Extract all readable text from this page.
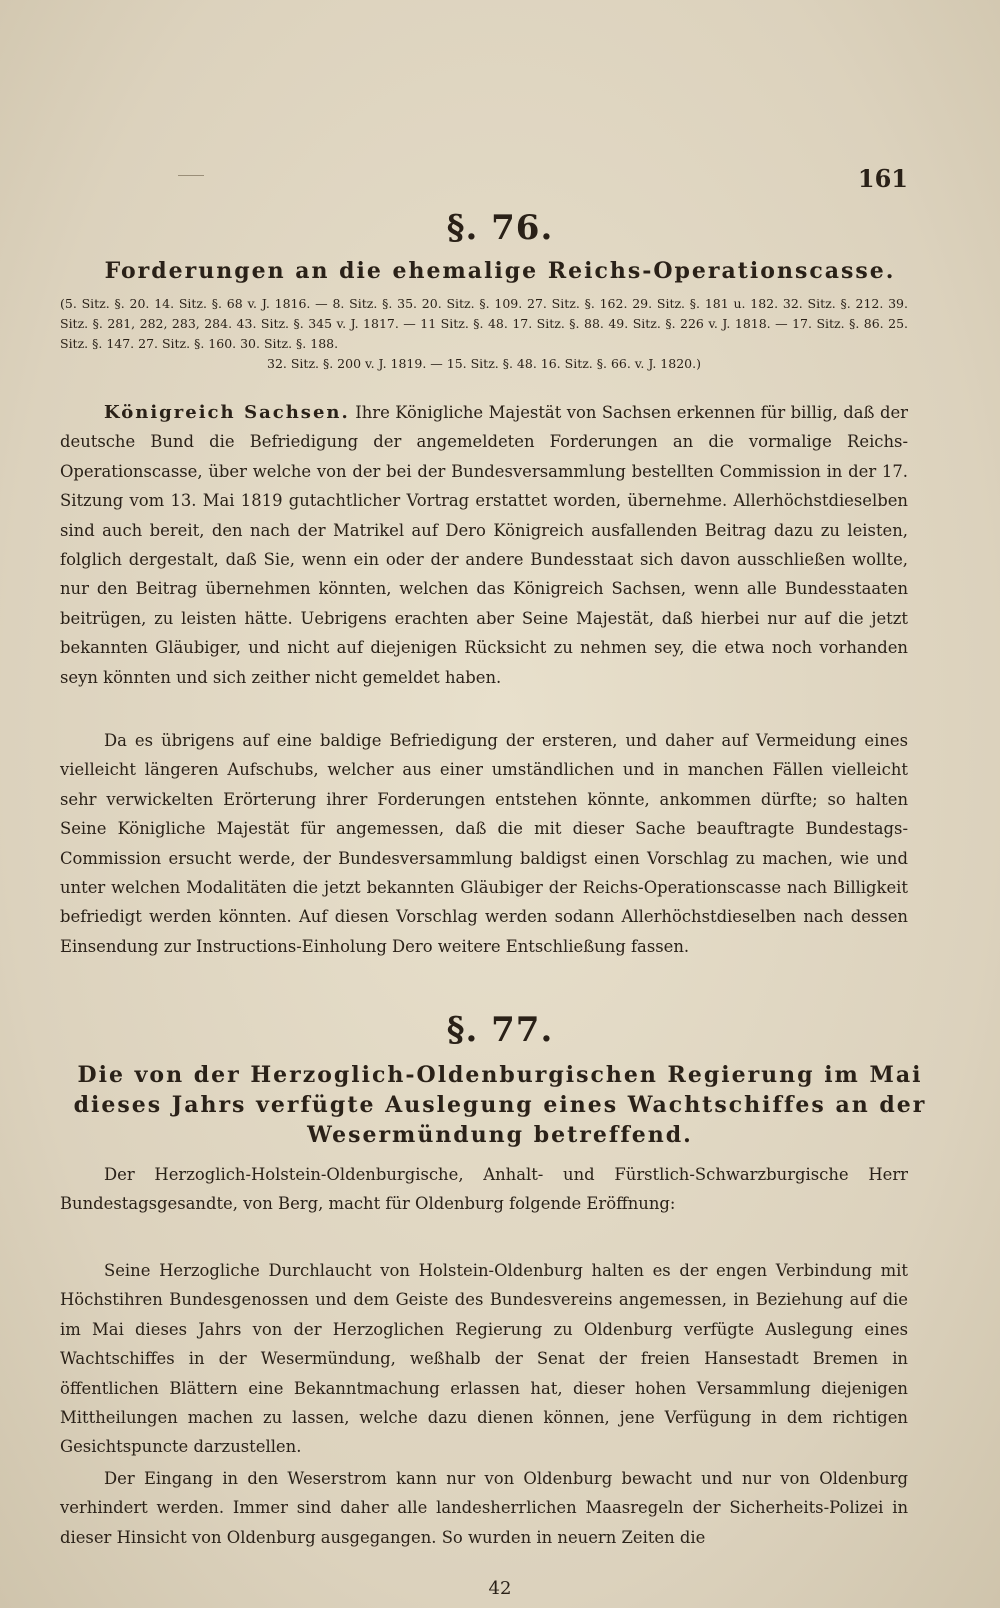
161
§. 76.
Forderungen an die ehemalige Reichs-Operationscasse.
(5. Sitz. §. 20. 14. Sitz. §. 68 v. J. 1816. — 8. Sitz. §. 35. 20. Sitz. §. 109. 27. Sitz. §. 162. 29. Sitz. §. 181 u. 182. 32. Sitz. §. 212. 39. Sitz. §. 281, 282, 283, 284. 43. Sitz. §. 345 v. J. 1817. — 11 Sitz. §. 48. 17. Sitz. §. 88. 49. Sitz. §. 226 v. J. 1818. — 17. Sitz. §. 86. 25. Sitz. §. 147. 27. Sitz. §. 160. 30. Sitz. §. 188.
32. Sitz. §. 200 v. J. 1819. — 15. Sitz. §. 48. 16. Sitz. §. 66. v. J. 1820.)
Königreich Sachsen. Ihre Königliche Majestät von Sachsen erkennen für billig, daß der deutsche Bund die Befriedigung der angemeldeten Forderungen an die vormalige Reichs-Operationscasse, über welche von der bei der Bundesversammlung bestellten Commission in der 17. Sitzung vom 13. Mai 1819 gutachtlicher Vortrag erstattet worden, übernehme. Allerhöchstdieselben sind auch bereit, den nach der Matrikel auf Dero Königreich ausfallenden Beitrag dazu zu leisten, folglich dergestalt, daß Sie, wenn ein oder der andere Bundesstaat sich davon ausschließen wollte, nur den Beitrag übernehmen könnten, welchen das Königreich Sachsen, wenn alle Bundesstaaten beitrügen, zu leisten hätte. Uebrigens erachten aber Seine Majestät, daß hierbei nur auf die jetzt bekannten Gläubiger, und nicht auf diejenigen Rücksicht zu nehmen sey, die etwa noch vorhanden seyn könnten und sich zeither nicht gemeldet haben.
Da es übrigens auf eine baldige Befriedigung der ersteren, und daher auf Vermeidung eines vielleicht längeren Aufschubs, welcher aus einer umständlichen und in manchen Fällen vielleicht sehr verwickelten Erörterung ihrer Forderungen entstehen könnte, ankommen dürfte; so halten Seine Königliche Majestät für angemessen, daß die mit dieser Sache beauftragte Bundestags-Commission ersucht werde, der Bundesversammlung baldigst einen Vorschlag zu machen, wie und unter welchen Modalitäten die jetzt bekannten Gläubiger der Reichs-Operationscasse nach Billigkeit befriedigt werden könnten. Auf diesen Vorschlag werden sodann Allerhöchstdieselben nach dessen Einsendung zur Instructions-Einholung Dero weitere Entschließung fassen.
§. 77.
Die von der Herzoglich-Oldenburgischen Regierung im Mai dieses Jahrs verfügte Auslegung eines Wachtschiffes an der Wesermündung betreffend.
Der Herzoglich-Holstein-Oldenburgische, Anhalt- und Fürstlich-Schwarzburgische Herr Bundestagsgesandte, von Berg, macht für Oldenburg folgende Eröffnung:
Seine Herzogliche Durchlaucht von Holstein-Oldenburg halten es der engen Verbindung mit Höchstihren Bundesgenossen und dem Geiste des Bundesvereins angemessen, in Beziehung auf die im Mai dieses Jahrs von der Herzoglichen Regierung zu Oldenburg verfügte Auslegung eines Wachtschiffes in der Wesermündung, weßhalb der Senat der freien Hansestadt Bremen in öffentlichen Blättern eine Bekanntmachung erlassen hat, dieser hohen Versammlung diejenigen Mittheilungen machen zu lassen, welche dazu dienen können, jene Verfügung in dem richtigen Gesichtspuncte darzustellen.
Der Eingang in den Weserstrom kann nur von Oldenburg bewacht und nur von Oldenburg verhindert werden. Immer sind daher alle landesherrlichen Maasregeln der Sicherheits-Polizei in dieser Hinsicht von Oldenburg ausgegangen. So wurden in neuern Zeiten die
42
